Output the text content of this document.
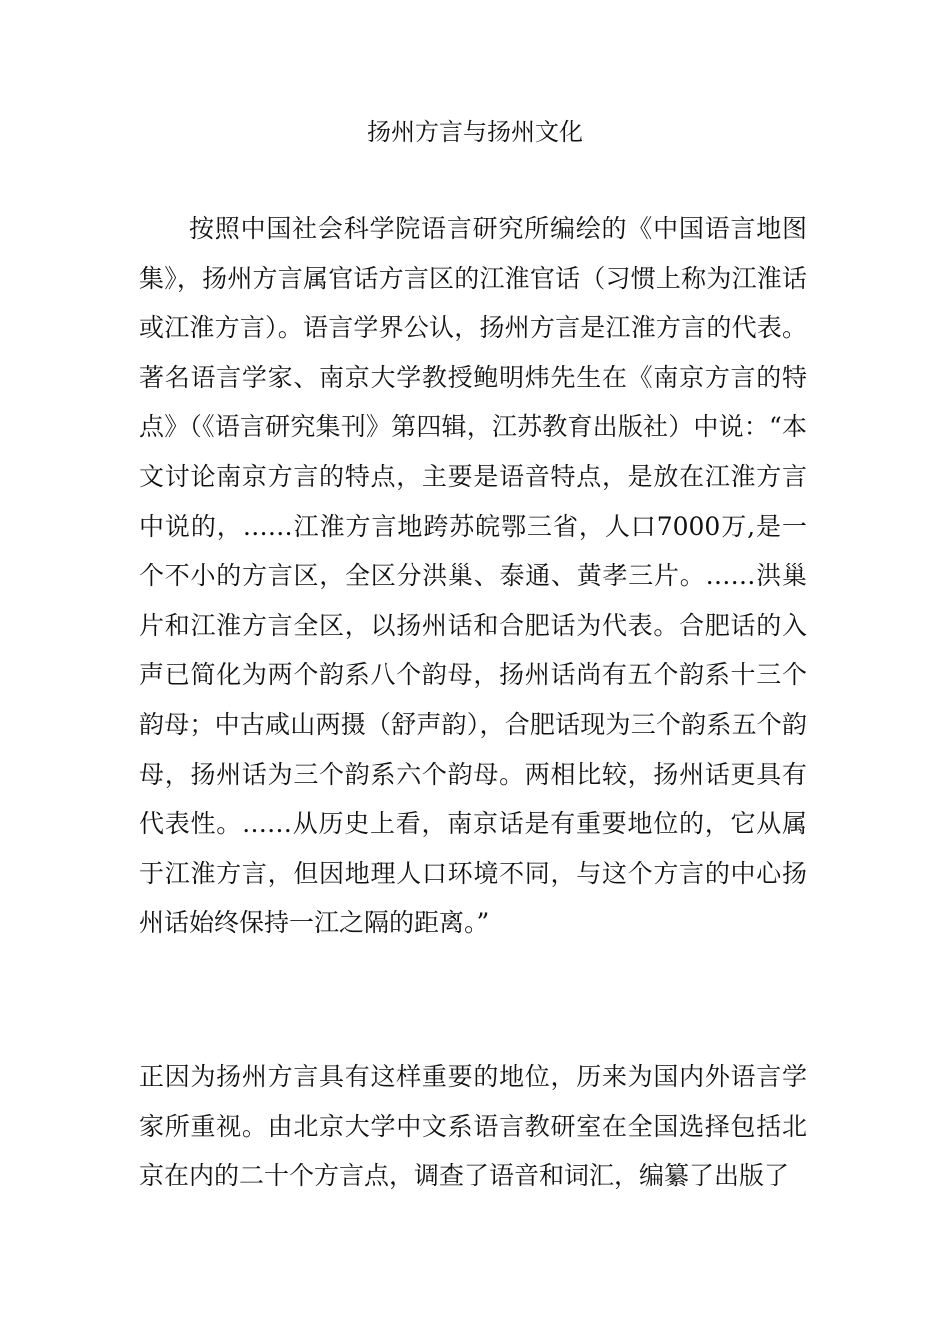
扬州方言与扬州文化

按照中国社会科学院语言研究所编绘的《中国语言地图集》，扬州方言属官话方言区的江淮官话（习惯上称为江淮话或江淮方言）。语言学界公认，扬州方言是江淮方言的代表。著名语言学家、南京大学教授鲍明炜先生在《南京方言的特点》（《语言研究集刊》第四辑，江苏教育出版社）中说：“本文讨论南京方言的特点，主要是语音特点，是放在江淮方言中说的，……江淮方言地跨苏皖鄂三省，人口7000万,是一个不小的方言区，全区分洪巢、泰通、黄孝三片。……洪巢片和江淮方言全区，以扬州话和合肥话为代表。合肥话的入声已简化为两个韵系八个韵母，扬州话尚有五个韵系十三个韵母；中古咸山两摄（舒声韵），合肥话现为三个韵系五个韵母，扬州话为三个韵系六个韵母。两相比较，扬州话更具有代表性。……从历史上看，南京话是有重要地位的，它从属于江淮方言，但因地理人口环境不同，与这个方言的中心扬州话始终保持一江之隔的距离。”

正因为扬州方言具有这样重要的地位，历来为国内外语言学家所重视。由北京大学中文系语言教研室在全国选择包括北京在内的二十个方言点，调查了语音和词汇，编纂了出版了
